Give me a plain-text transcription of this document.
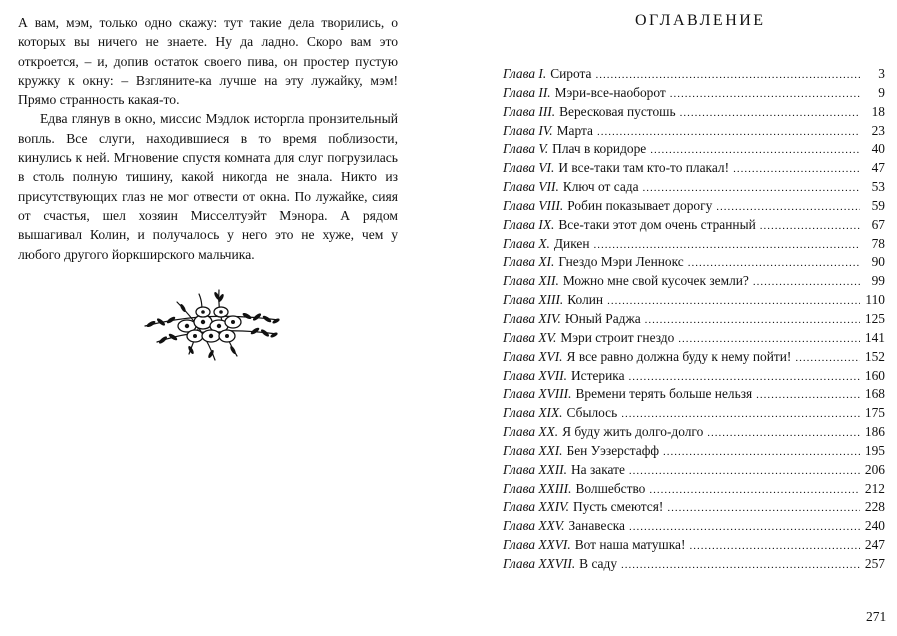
А вам, мэм, только одно скажу: тут такие дела творились, о которых вы ничего не знаете. Ну да ладно. Скоро вам это откроется, – и, допив остаток своего пива, он простер пустую кружку к окну: – Взгляните-ка лучше на эту лужайку, мэм! Прямо странность какая-то.

Едва глянув в окно, миссис Мэдлок исторгла пронзительный вопль. Все слуги, находившиеся в то время поблизости, кинулись к ней. Мгновение спустя комната для слуг погрузилась в столь полную тишину, какой никогда не знала. Никто из присутствующих глаз не мог отвести от окна. По лужайке, сияя от счастья, шел хозяин Миссeлтуэйт Мэнора. А рядом вышагивал Колин, и получалось у него это не хуже, чем у любого другого йоркширского мальчика.

ОГЛАВЛЕНИЕ
Глава I. Сирота .....	3
Глава II. Мэри-все-наоборот .....	9
Глава III. Вересковая пустошь .....	18
Глава IV. Марта .....	23
Глава V. Плач в коридоре .....	40
Глава VI. И все-таки там кто-то плакал! .....	47
Глава VII. Ключ от сада .....	53
Глава VIII. Робин показывает дорогу .....	59
Глава IX. Все-таки этот дом очень странный .....	67
Глава X. Дикен .....	78
Глава XI. Гнездо Мэри Леннокс .....	90
Глава XII. Можно мне свой кусочек земли? .....	99
Глава XIII. Колин .....	110
Глава XIV. Юный Раджа .....	125
Глава XV. Мэри строит гнездо .....	141
Глава XVI. Я все равно должна буду к нему пойти! .....	152
Глава XVII. Истерика .....	160
Глава XVIII. Времени терять больше нельзя .....	168
Глава XIX. Сбылось .....	175
Глава XX. Я буду жить долго-долго .....	186
Глава XXI. Бен Уэзерстафф .....	195
Глава XXII. На закате .....	206
Глава XXIII. Волшебство .....	212
Глава XXIV. Пусть смеются! .....	228
Глава XXV. Занавеска .....	240
Глава XXVI. Вот наша матушка! .....	247
Глава XXVII. В саду .....	257
271
